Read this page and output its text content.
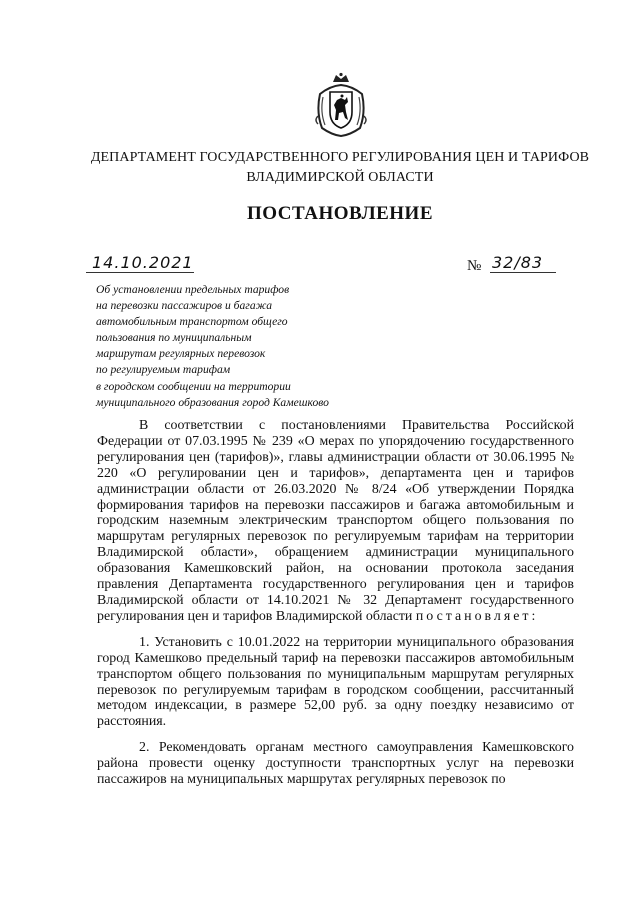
ДЕПАРТАМЕНТ ГОСУДАРСТВЕННОГО РЕГУЛИРОВАНИЯ ЦЕН И ТАРИФОВ
ВЛАДИМИРСКОЙ ОБЛАСТИ
ПОСТАНОВЛЕНИЕ
14.10.2021	№ 32/83
Об установлении предельных тарифов
на перевозки пассажиров и багажа
автомобильным транспортом общего
пользования по муниципальным
маршрутам регулярных перевозок
по регулируемым тарифам
в городском сообщении на территории
муниципального образования город Камешково

В соответствии с постановлениями Правительства Российской Федерации от 07.03.1995 № 239 «О мерах по упорядочению государственного регулирования цен (тарифов)», главы администрации области от 30.06.1995 № 220 «О регулировании цен и тарифов», департамента цен и тарифов администрации области от 26.03.2020 № 8/24 «Об утверждении Порядка формирования тарифов на перевозки пассажиров и багажа автомобильным и городским наземным электрическим транспортом общего пользования по маршрутам регулярных перевозок по регулируемым тарифам на территории Владимирской области», обращением администрации муниципального образования Камешковский район, на основании протокола заседания правления Департамента государственного регулирования цен и тарифов Владимирской области от 14.10.2021 № 32 Департамент государственного регулирования цен и тарифов Владимирской области постановляет:

1. Установить с 10.01.2022 на территории муниципального образования город Камешково предельный тариф на перевозки пассажиров автомобильным транспортом общего пользования по муниципальным маршрутам регулярных перевозок по регулируемым тарифам в городском сообщении, рассчитанный методом индексации, в размере 52,00 руб. за одну поездку независимо от расстояния.

2. Рекомендовать органам местного самоуправления Камешковского района провести оценку доступности транспортных услуг на перевозки пассажиров на муниципальных маршрутах регулярных перевозок по
